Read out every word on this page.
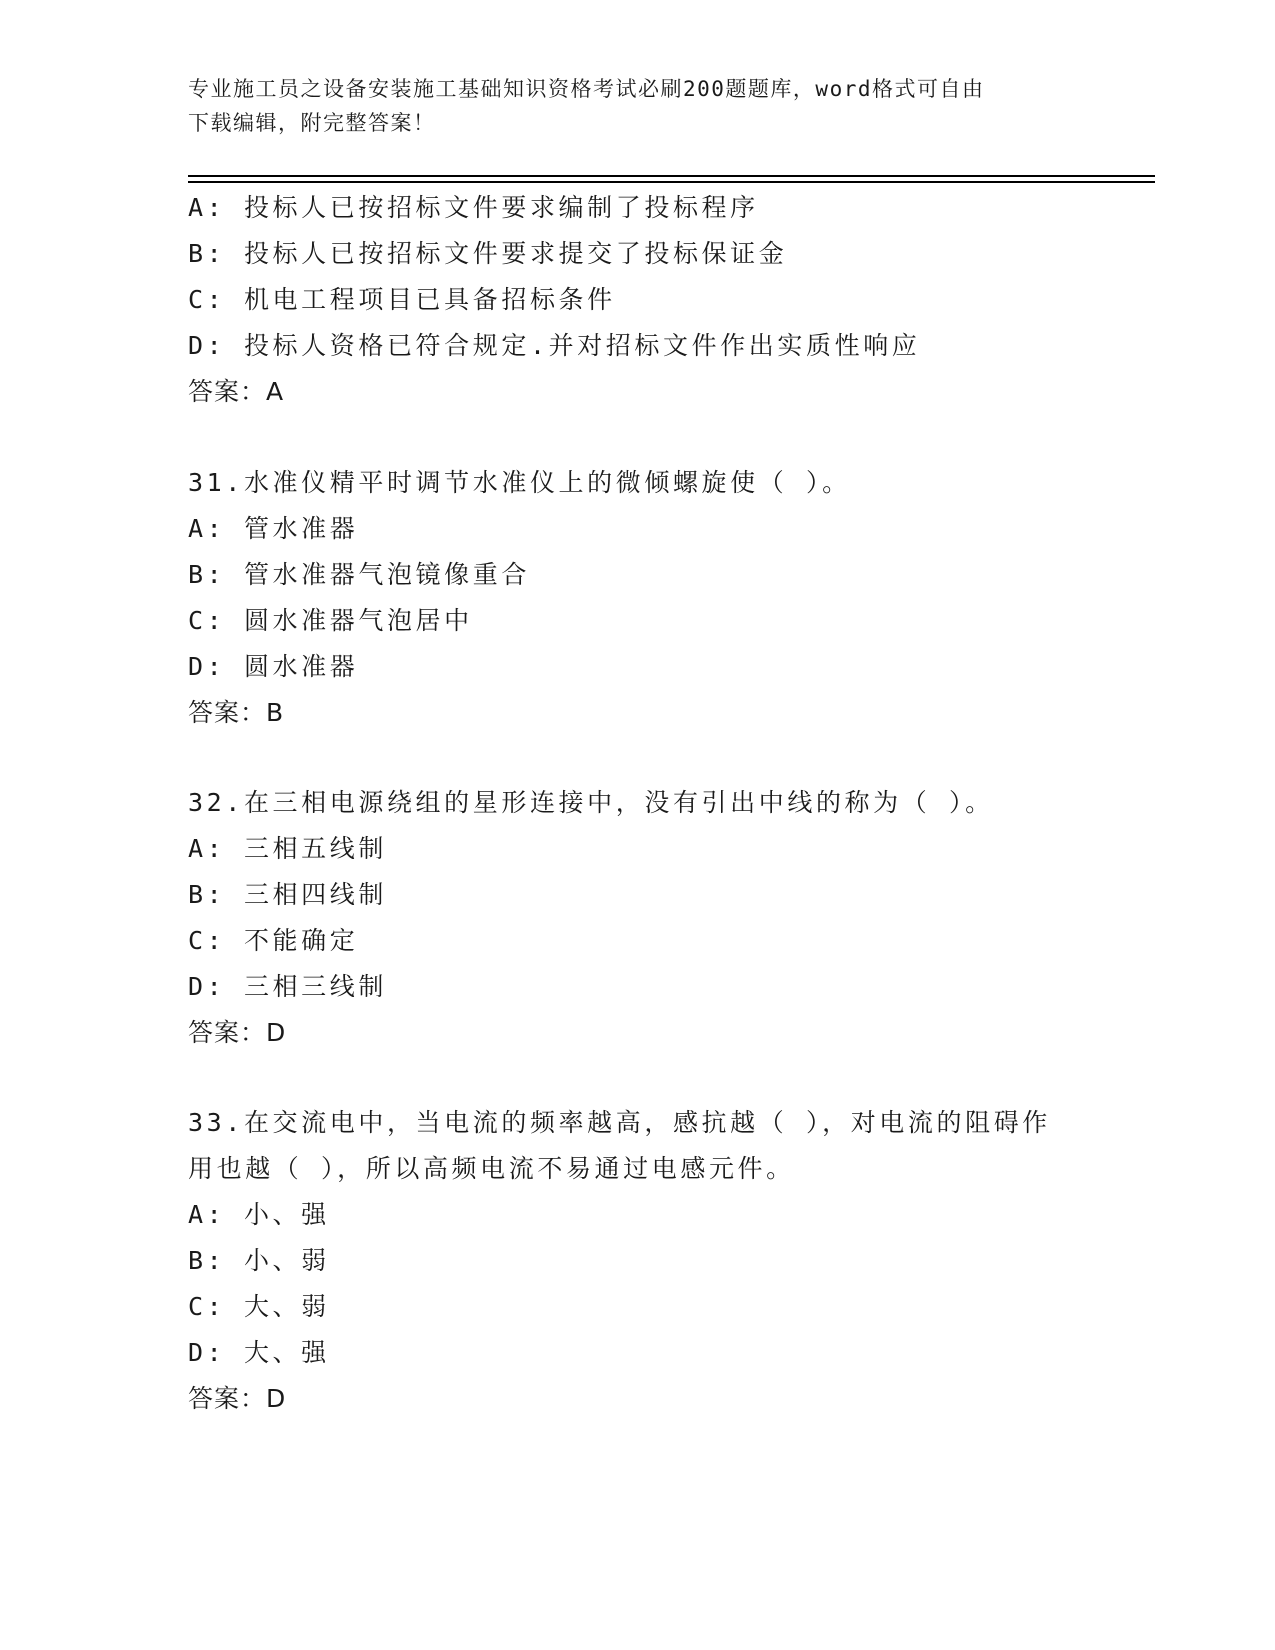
专业施工员之设备安装施工基础知识资格考试必刷200题题库，word格式可自由
下载编辑，附完整答案！
A: 投标人已按招标文件要求编制了投标程序
B: 投标人已按招标文件要求提交了投标保证金
C: 机电工程项目已具备招标条件
D: 投标人资格已符合规定.并对招标文件作出实质性响应
答案：A
31.水准仪精平时调节水准仪上的微倾螺旋使（ ）。
A: 管水准器
B: 管水准器气泡镜像重合
C: 圆水准器气泡居中
D: 圆水准器
答案：B
32.在三相电源绕组的星形连接中，没有引出中线的称为（ ）。
A: 三相五线制
B: 三相四线制
C: 不能确定
D: 三相三线制
答案：D
33.在交流电中，当电流的频率越高，感抗越（ ），对电流的阻碍作
用也越（ ），所以高频电流不易通过电感元件。
A: 小、强
B: 小、弱
C: 大、弱
D: 大、强
答案：D
